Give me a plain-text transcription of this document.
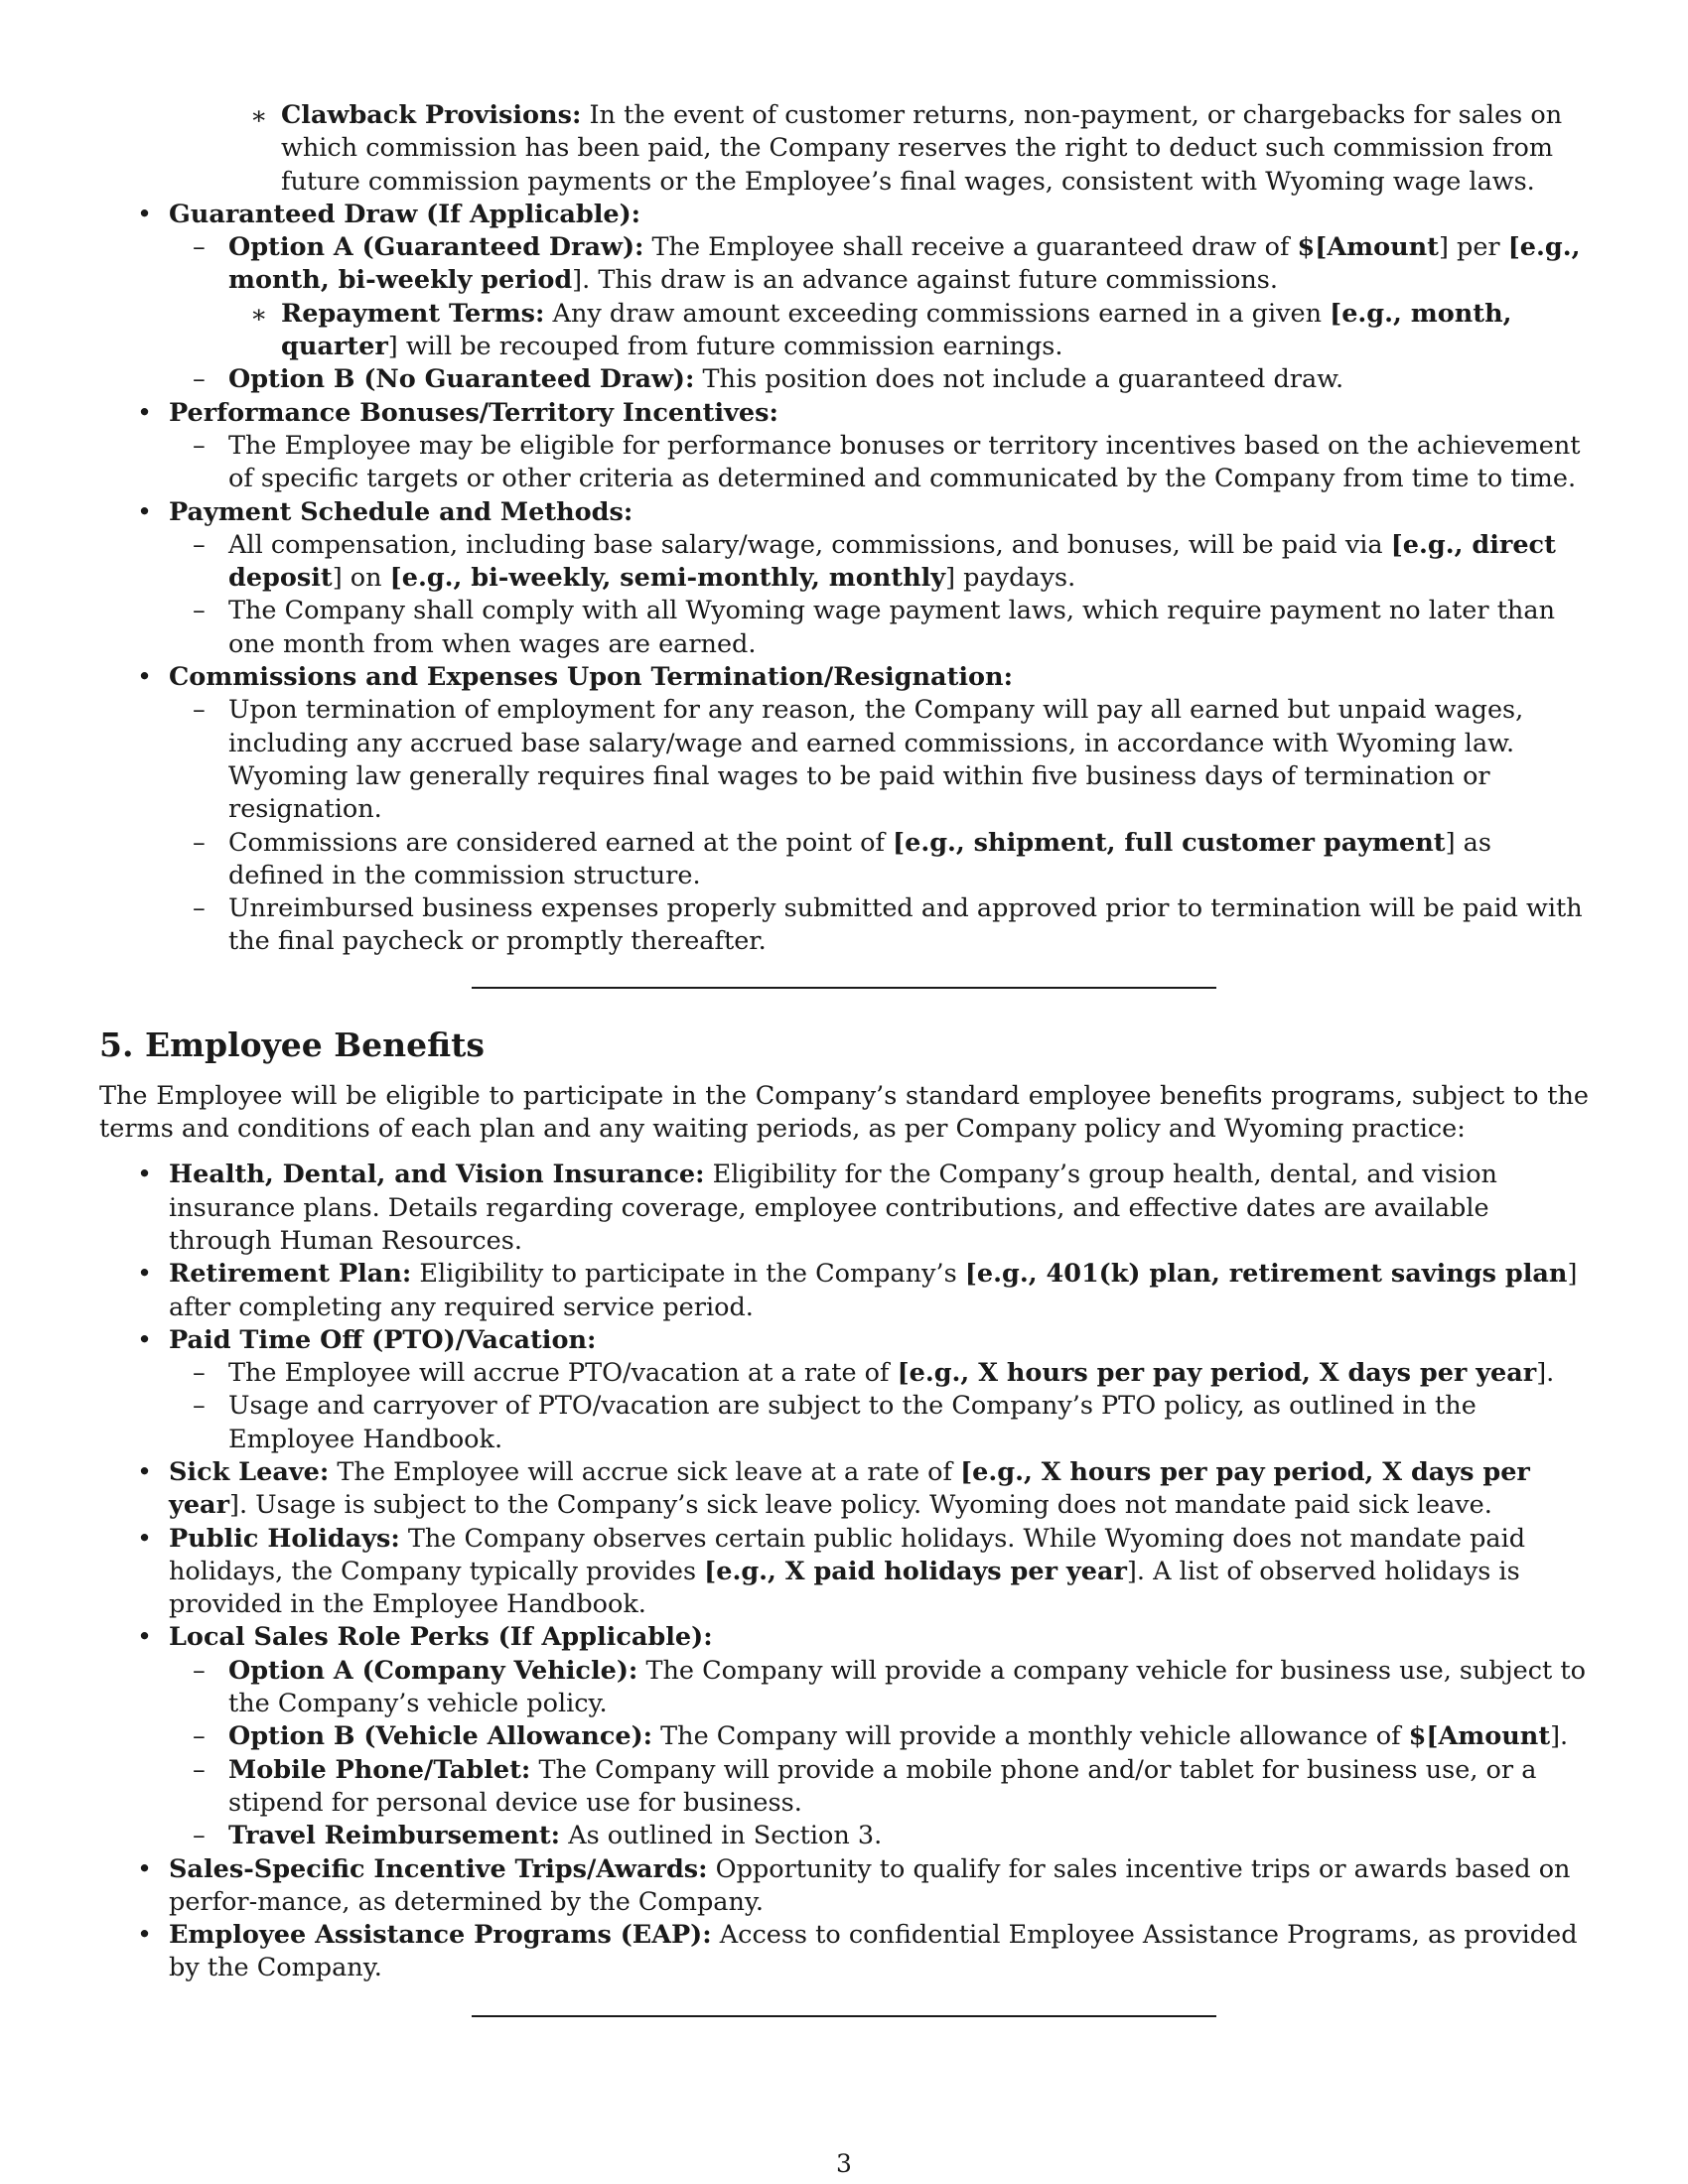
∗ Clawback Provisions: In the event of customer returns, non-payment, or chargebacks for sales on which commission has been paid, the Company reserves the right to deduct such commission from future commission payments or the Employee’s final wages, consistent with Wyoming wage laws.
• Guaranteed Draw (If Applicable):
– Option A (Guaranteed Draw): The Employee shall receive a guaranteed draw of $[Amount] per [e.g., month, bi-weekly period]. This draw is an advance against future commissions.
∗ Repayment Terms: Any draw amount exceeding commissions earned in a given [e.g., month, quarter] will be recouped from future commission earnings.
– Option B (No Guaranteed Draw): This position does not include a guaranteed draw.
• Performance Bonuses/Territory Incentives:
– The Employee may be eligible for performance bonuses or territory incentives based on the achievement of specific targets or other criteria as determined and communicated by the Company from time to time.
• Payment Schedule and Methods:
– All compensation, including base salary/wage, commissions, and bonuses, will be paid via [e.g., direct deposit] on [e.g., bi-weekly, semi-monthly, monthly] paydays.
– The Company shall comply with all Wyoming wage payment laws, which require payment no later than one month from when wages are earned.
• Commissions and Expenses Upon Termination/Resignation:
– Upon termination of employment for any reason, the Company will pay all earned but unpaid wages, including any accrued base salary/wage and earned commissions, in accordance with Wyoming law. Wyoming law generally requires final wages to be paid within five business days of termination or resignation.
– Commissions are considered earned at the point of [e.g., shipment, full customer payment] as defined in the commission structure.
– Unreimbursed business expenses properly submitted and approved prior to termination will be paid with the final paycheck or promptly thereafter.
5. Employee Benefits

The Employee will be eligible to participate in the Company’s standard employee benefits programs, subject to the terms and conditions of each plan and any waiting periods, as per Company policy and Wyoming practice:

• Health, Dental, and Vision Insurance: Eligibility for the Company’s group health, dental, and vision insurance plans. Details regarding coverage, employee contributions, and effective dates are available through Human Resources.
• Retirement Plan: Eligibility to participate in the Company’s [e.g., 401(k) plan, retirement savings plan] after completing any required service period.
• Paid Time Off (PTO)/Vacation:
– The Employee will accrue PTO/vacation at a rate of [e.g., X hours per pay period, X days per year].
– Usage and carryover of PTO/vacation are subject to the Company’s PTO policy, as outlined in the Employee Handbook.
• Sick Leave: The Employee will accrue sick leave at a rate of [e.g., X hours per pay period, X days per year]. Usage is subject to the Company’s sick leave policy. Wyoming does not mandate paid sick leave.
• Public Holidays: The Company observes certain public holidays. While Wyoming does not mandate paid holidays, the Company typically provides [e.g., X paid holidays per year]. A list of observed holidays is provided in the Employee Handbook.
• Local Sales Role Perks (If Applicable):
– Option A (Company Vehicle): The Company will provide a company vehicle for business use, subject to the Company’s vehicle policy.
– Option B (Vehicle Allowance): The Company will provide a monthly vehicle allowance of $[Amount].
– Mobile Phone/Tablet: The Company will provide a mobile phone and/or tablet for business use, or a stipend for personal device use for business.
– Travel Reimbursement: As outlined in Section 3.
• Sales-Specific Incentive Trips/Awards: Opportunity to qualify for sales incentive trips or awards based on perfor-mance, as determined by the Company.
• Employee Assistance Programs (EAP): Access to confidential Employee Assistance Programs, as provided by the Company.
3
